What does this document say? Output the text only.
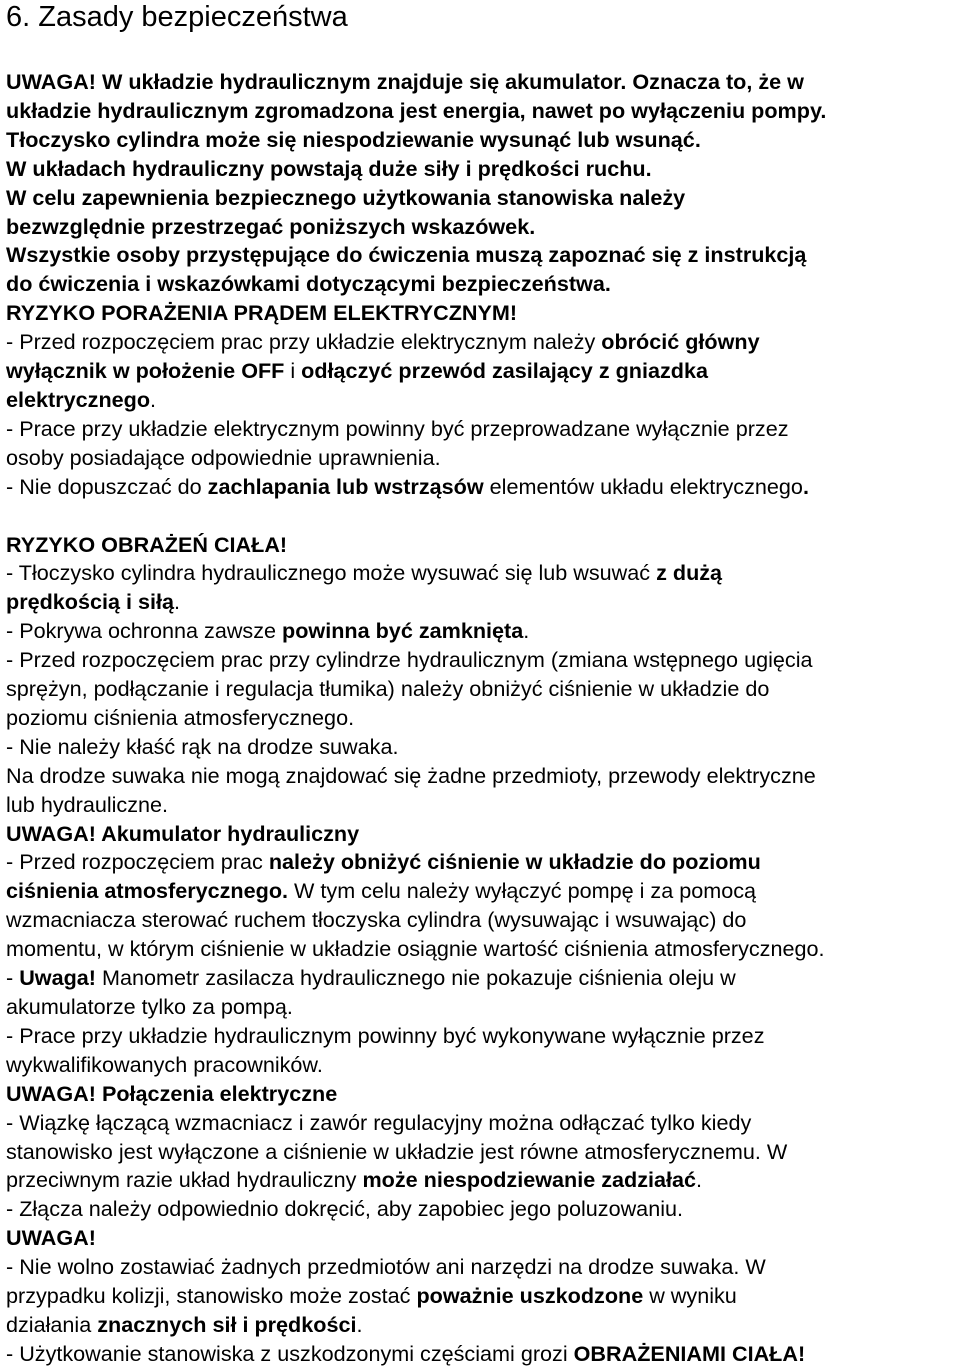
6. Zasady bezpieczeństwa
UWAGA! W układzie hydraulicznym znajduje się akumulator. Oznacza to, że w
układzie hydraulicznym zgromadzona jest energia, nawet po wyłączeniu pompy.
Tłoczysko cylindra może się niespodziewanie wysunąć lub wsunąć.
W układach hydrauliczny powstają duże siły i prędkości ruchu.
W celu zapewnienia bezpiecznego użytkowania stanowiska należy
bezwzględnie przestrzegać poniższych wskazówek.
Wszystkie osoby przystępujące do ćwiczenia muszą zapoznać się z instrukcją
do ćwiczenia i wskazówkami dotyczącymi bezpieczeństwa.
RYZYKO PORAŻENIA PRĄDEM ELEKTRYCZNYM!
- Przed rozpoczęciem prac przy układzie elektrycznym należy obrócić główny
wyłącznik w położenie OFF i odłączyć przewód zasilający z gniazdka
elektrycznego.
- Prace przy układzie elektrycznym powinny być przeprowadzane wyłącznie przez
osoby posiadające odpowiednie uprawnienia.
- Nie dopuszczać do zachlapania lub wstrząsów elementów układu elektrycznego.
RYZYKO OBRAŻEŃ CIAŁA!
- Tłoczysko cylindra hydraulicznego może wysuwać się lub wsuwać z dużą
prędkością i siłą.
- Pokrywa ochronna zawsze powinna być zamknięta.
- Przed rozpoczęciem prac przy cylindrze hydraulicznym (zmiana wstępnego ugięcia
sprężyn, podłączanie i regulacja tłumika) należy obniżyć ciśnienie w układzie do
poziomu ciśnienia atmosferycznego.
- Nie należy kłaść rąk na drodze suwaka.
Na drodze suwaka nie mogą znajdować się żadne przedmioty, przewody elektryczne
lub hydrauliczne.
UWAGA! Akumulator hydrauliczny
- Przed rozpoczęciem prac należy obniżyć ciśnienie w układzie do poziomu
ciśnienia atmosferycznego. W tym celu należy wyłączyć pompę i za pomocą
wzmacniacza sterować ruchem tłoczyska cylindra (wysuwając i wsuwając) do
momentu, w którym ciśnienie w układzie osiągnie wartość ciśnienia atmosferycznego.
- Uwaga! Manometr zasilacza hydraulicznego nie pokazuje ciśnienia oleju w
akumulatorze tylko za pompą.
- Prace przy układzie hydraulicznym powinny być wykonywane wyłącznie przez
wykwalifikowanych pracowników.
UWAGA! Połączenia elektryczne
- Wiązkę łączącą wzmacniacz i zawór regulacyjny można odłączać tylko kiedy
stanowisko jest wyłączone a ciśnienie w układzie jest równe atmosferycznemu. W
przeciwnym razie układ hydrauliczny może niespodziewanie zadziałać.
- Złącza należy odpowiednio dokręcić, aby zapobiec jego poluzowaniu.
UWAGA!
- Nie wolno zostawiać żadnych przedmiotów ani narzędzi na drodze suwaka. W
przypadku kolizji, stanowisko może zostać poważnie uszkodzone w wyniku
działania znacznych sił i prędkości.
- Użytkowanie stanowiska z uszkodzonymi częściami grozi OBRAŻENIAMI CIAŁA!
